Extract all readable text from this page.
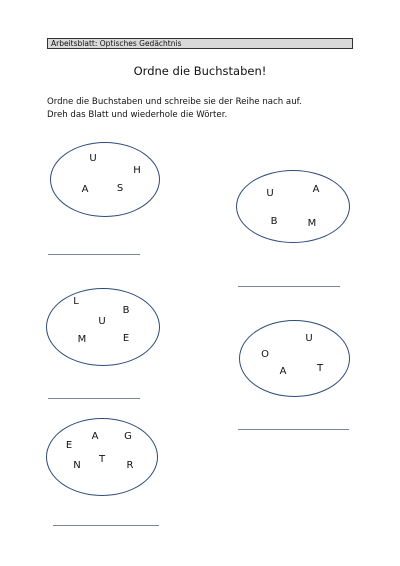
Arbeitsblatt: Optisches Gedächtnis
Ordne die Buchstaben!
Ordne die Buchstaben und schreibe sie der Reihe nach auf.
Dreh das Blatt und wiederhole die Wörter.
U
H
A	S	U	A
B	M
L
B
U
M	E	U
O
A	T
A	G
E
T
N	R
